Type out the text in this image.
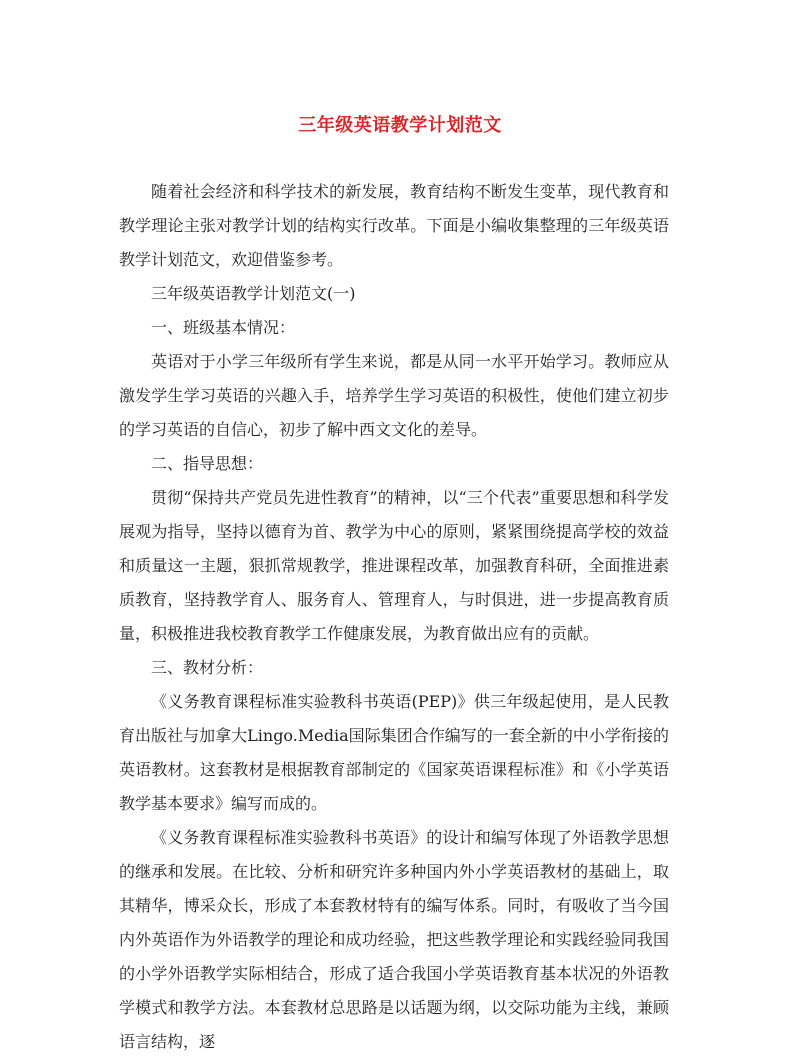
三年级英语教学计划范文

随着社会经济和科学技术的新发展，教育结构不断发生变革，现代教育和教学理论主张对教学计划的结构实行改革。下面是小编收集整理的三年级英语教学计划范文，欢迎借鉴参考。

三年级英语教学计划范文(一)

一、班级基本情况：

英语对于小学三年级所有学生来说，都是从同一水平开始学习。教师应从激发学生学习英语的兴趣入手，培养学生学习英语的积极性，使他们建立初步的学习英语的自信心，初步了解中西文文化的差导。

二、指导思想：

贯彻“保持共产党员先进性教育”的精神，以“三个代表”重要思想和科学发展观为指导，坚持以德育为首、教学为中心的原则，紧紧围绕提高学校的效益和质量这一主题，狠抓常规教学，推进课程改革，加强教育科研，全面推进素质教育，坚持教学育人、服务育人、管理育人，与时俱进，进一步提高教育质量，积极推进我校教育教学工作健康发展，为教育做出应有的贡献。

三、教材分析：

《义务教育课程标准实验教科书英语(PEP)》供三年级起使用，是人民教育出版社与加拿大Lingo.Media国际集团合作编写的一套全新的中小学衔接的英语教材。这套教材是根据教育部制定的《国家英语课程标准》和《小学英语教学基本要求》编写而成的。

《义务教育课程标准实验教科书英语》的设计和编写体现了外语教学思想的继承和发展。在比较、分析和研究许多种国内外小学英语教材的基础上，取其精华，博采众长，形成了本套教材特有的编写体系。同时，有吸收了当今国内外英语作为外语教学的理论和成功经验，把这些教学理论和实践经验同我国的小学外语教学实际相结合，形成了适合我国小学英语教育基本状况的外语教学模式和教学方法。本套教材总思路是以话题为纲，以交际功能为主线，兼顾语言结构，逐
